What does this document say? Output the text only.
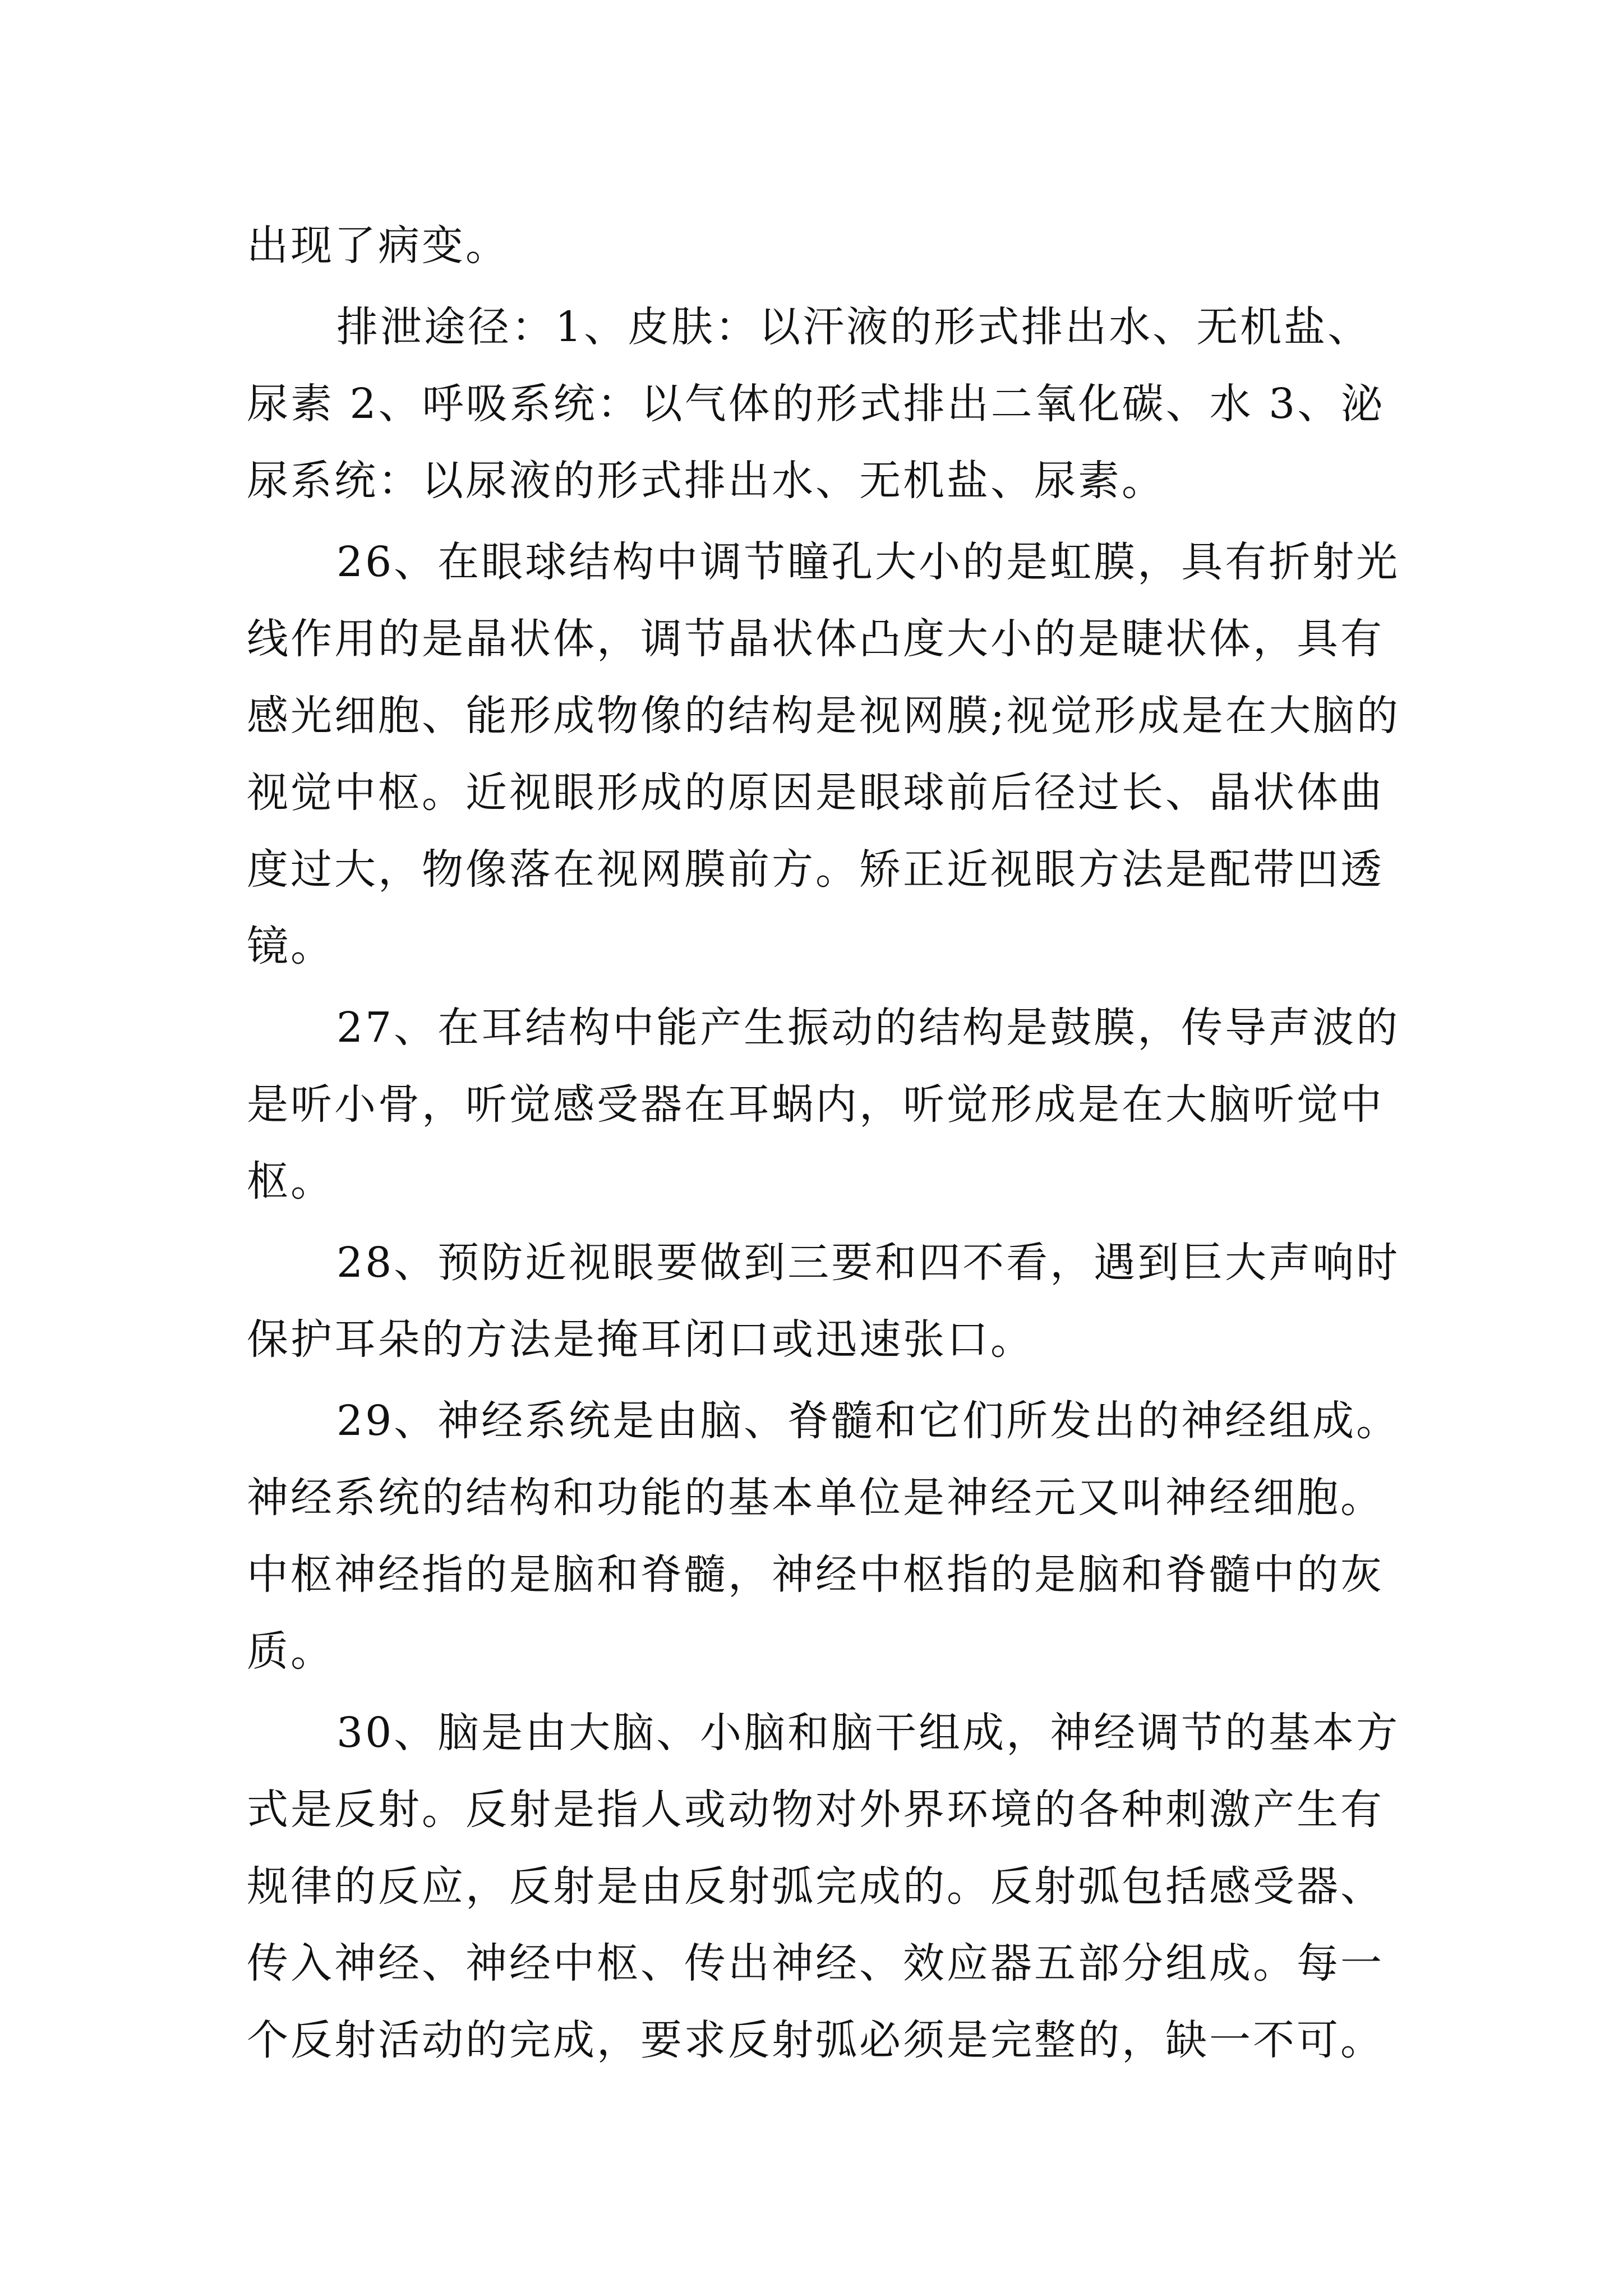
出现了病变。

排泄途径：1、皮肤：以汗液的形式排出水、无机盐、尿素 2、呼吸系统：以气体的形式排出二氧化碳、水 3、泌尿系统：以尿液的形式排出水、无机盐、尿素。

26、在眼球结构中调节瞳孔大小的是虹膜，具有折射光线作用的是晶状体，调节晶状体凸度大小的是睫状体，具有感光细胞、能形成物像的结构是视网膜;视觉形成是在大脑的视觉中枢。近视眼形成的原因是眼球前后径过长、晶状体曲度过大，物像落在视网膜前方。矫正近视眼方法是配带凹透镜。

27、在耳结构中能产生振动的结构是鼓膜，传导声波的是听小骨，听觉感受器在耳蜗内，听觉形成是在大脑听觉中枢。

28、预防近视眼要做到三要和四不看，遇到巨大声响时保护耳朵的方法是掩耳闭口或迅速张口。

29、神经系统是由脑、脊髓和它们所发出的神经组成。神经系统的结构和功能的基本单位是神经元又叫神经细胞。中枢神经指的是脑和脊髓，神经中枢指的是脑和脊髓中的灰质。

30、脑是由大脑、小脑和脑干组成，神经调节的基本方式是反射。反射是指人或动物对外界环境的各种刺激产生有规律的反应，反射是由反射弧完成的。反射弧包括感受器、传入神经、神经中枢、传出神经、效应器五部分组成。每一个反射活动的完成，要求反射弧必须是完整的，缺一不可。
